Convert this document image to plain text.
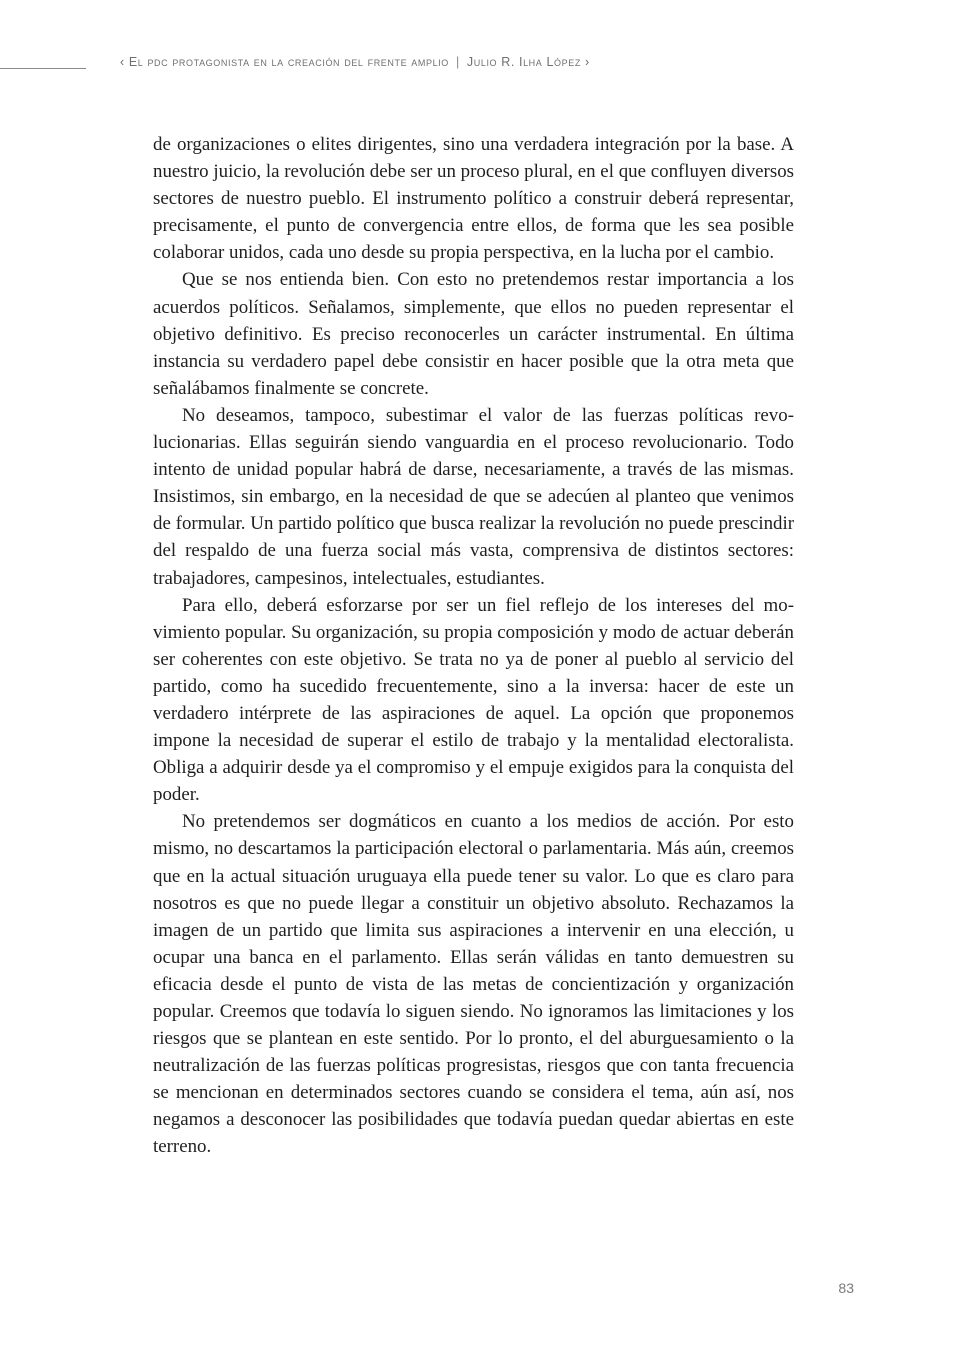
‹ El pdc protagonista en la creación del frente amplio | Julio R. Ilha López ›

de organizaciones o elites dirigentes, sino una verdadera integración por la base. A nuestro juicio, la revolución debe ser un proceso plural, en el que confluyen diversos sectores de nuestro pueblo. El instrumento político a construir deberá representar, precisamente, el punto de convergencia entre ellos, de forma que les sea posible colaborar unidos, cada uno desde su propia perspectiva, en la lucha por el cambio.

Que se nos entienda bien. Con esto no pretendemos restar importancia a los acuerdos políticos. Señalamos, simplemente, que ellos no pueden representar el objetivo definitivo. Es preciso reconocerles un carácter instrumental. En última instancia su verdadero papel debe consistir en hacer posible que la otra meta que señalábamos finalmente se concrete.

No deseamos, tampoco, subestimar el valor de las fuerzas políticas revolucionarias. Ellas seguirán siendo vanguardia en el proceso revolucionario. Todo intento de unidad popular habrá de darse, necesariamente, a través de las mismas. Insistimos, sin embargo, en la necesidad de que se adecúen al planteo que venimos de formular. Un partido político que busca realizar la revolución no puede prescindir del respaldo de una fuerza social más vasta, comprensiva de distintos sectores: trabajadores, campesinos, intelectuales, estudiantes.

Para ello, deberá esforzarse por ser un fiel reflejo de los intereses del movimiento popular. Su organización, su propia composición y modo de actuar deberán ser coherentes con este objetivo. Se trata no ya de poner al pueblo al servicio del partido, como ha sucedido frecuentemente, sino a la inversa: hacer de este un verdadero intérprete de las aspiraciones de aquel. La opción que proponemos impone la necesidad de superar el estilo de trabajo y la mentalidad electoralista. Obliga a adquirir desde ya el compromiso y el empuje exigidos para la conquista del poder.

No pretendemos ser dogmáticos en cuanto a los medios de acción. Por esto mismo, no descartamos la participación electoral o parlamentaria. Más aún, creemos que en la actual situación uruguaya ella puede tener su valor. Lo que es claro para nosotros es que no puede llegar a constituir un objetivo absoluto. Rechazamos la imagen de un partido que limita sus aspiraciones a intervenir en una elección, u ocupar una banca en el parlamento. Ellas serán válidas en tanto demuestren su eficacia desde el punto de vista de las metas de concientización y organización popular. Creemos que todavía lo siguen siendo. No ignoramos las limitaciones y los riesgos que se plantean en este sentido. Por lo pronto, el del aburguesamiento o la neutralización de las fuerzas políticas progresistas, riesgos que con tanta frecuencia se mencionan en determinados sectores cuando se considera el tema, aún así, nos negamos a desconocer las posibilidades que todavía puedan quedar abiertas en este terreno.

83
